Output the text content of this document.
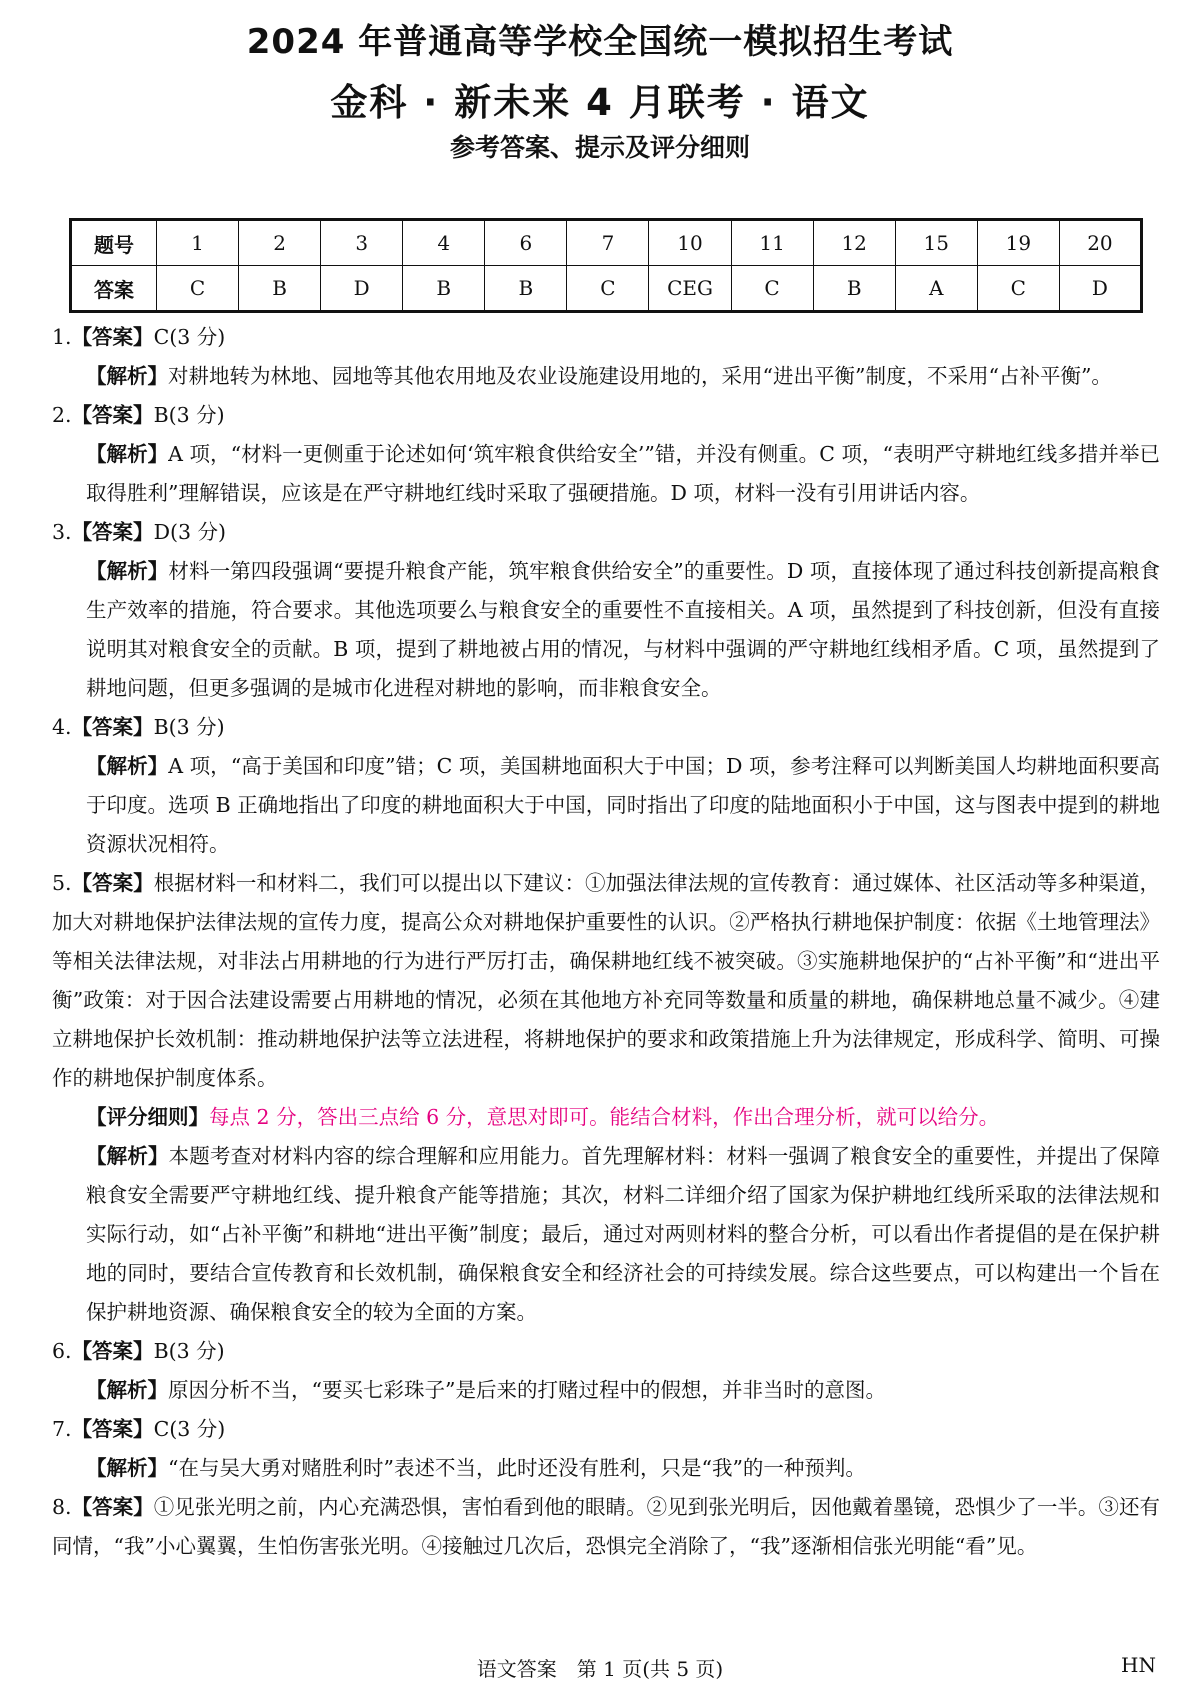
2024 年普通高等学校全国统一模拟招生考试
金科 · 新未来 4 月联考 · 语文
参考答案、提示及评分细则
题号	1	2	3	4	6	7	10	11	12	15	19	20
答案	C	B	D	B	B	C	CEG	C	B	A	C	D
1.【答案】C(3 分)
【解析】对耕地转为林地、园地等其他农用地及农业设施建设用地的，采用“进出平衡”制度，不采用“占补平衡”。
2.【答案】B(3 分)
【解析】A 项，“材料一更侧重于论述如何‘筑牢粮食供给安全’”错，并没有侧重。C 项，“表明严守耕地红线多措并举已取得胜利”理解错误，应该是在严守耕地红线时采取了强硬措施。D 项，材料一没有引用讲话内容。
3.【答案】D(3 分)
【解析】材料一第四段强调“要提升粮食产能，筑牢粮食供给安全”的重要性。D 项，直接体现了通过科技创新提高粮食生产效率的措施，符合要求。其他选项要么与粮食安全的重要性不直接相关。A 项，虽然提到了科技创新，但没有直接说明其对粮食安全的贡献。B 项，提到了耕地被占用的情况，与材料中强调的严守耕地红线相矛盾。C 项，虽然提到了耕地问题，但更多强调的是城市化进程对耕地的影响，而非粮食安全。
4.【答案】B(3 分)
【解析】A 项，“高于美国和印度”错；C 项，美国耕地面积大于中国；D 项，参考注释可以判断美国人均耕地面积要高于印度。选项 B 正确地指出了印度的耕地面积大于中国，同时指出了印度的陆地面积小于中国，这与图表中提到的耕地资源状况相符。
5.【答案】根据材料一和材料二，我们可以提出以下建议：①加强法律法规的宣传教育：通过媒体、社区活动等多种渠道，加大对耕地保护法律法规的宣传力度，提高公众对耕地保护重要性的认识。②严格执行耕地保护制度：依据《土地管理法》等相关法律法规，对非法占用耕地的行为进行严厉打击，确保耕地红线不被突破。③实施耕地保护的“占补平衡”和“进出平衡”政策：对于因合法建设需要占用耕地的情况，必须在其他地方补充同等数量和质量的耕地，确保耕地总量不减少。④建立耕地保护长效机制：推动耕地保护法等立法进程，将耕地保护的要求和政策措施上升为法律规定，形成科学、简明、可操作的耕地保护制度体系。
【评分细则】每点 2 分，答出三点给 6 分，意思对即可。能结合材料，作出合理分析，就可以给分。
【解析】本题考查对材料内容的综合理解和应用能力。首先理解材料：材料一强调了粮食安全的重要性，并提出了保障粮食安全需要严守耕地红线、提升粮食产能等措施；其次，材料二详细介绍了国家为保护耕地红线所采取的法律法规和实际行动，如“占补平衡”和耕地“进出平衡”制度；最后，通过对两则材料的整合分析，可以看出作者提倡的是在保护耕地的同时，要结合宣传教育和长效机制，确保粮食安全和经济社会的可持续发展。综合这些要点，可以构建出一个旨在保护耕地资源、确保粮食安全的较为全面的方案。
6.【答案】B(3 分)
【解析】原因分析不当，“要买七彩珠子”是后来的打赌过程中的假想，并非当时的意图。
7.【答案】C(3 分)
【解析】“在与吴大勇对赌胜利时”表述不当，此时还没有胜利，只是“我”的一种预判。
8.【答案】①见张光明之前，内心充满恐惧，害怕看到他的眼睛。②见到张光明后，因他戴着墨镜，恐惧少了一半。③还有同情，“我”小心翼翼，生怕伤害张光明。④接触过几次后，恐惧完全消除了，“我”逐渐相信张光明能“看”见。
语文答案　第 1 页(共 5 页)	HN
